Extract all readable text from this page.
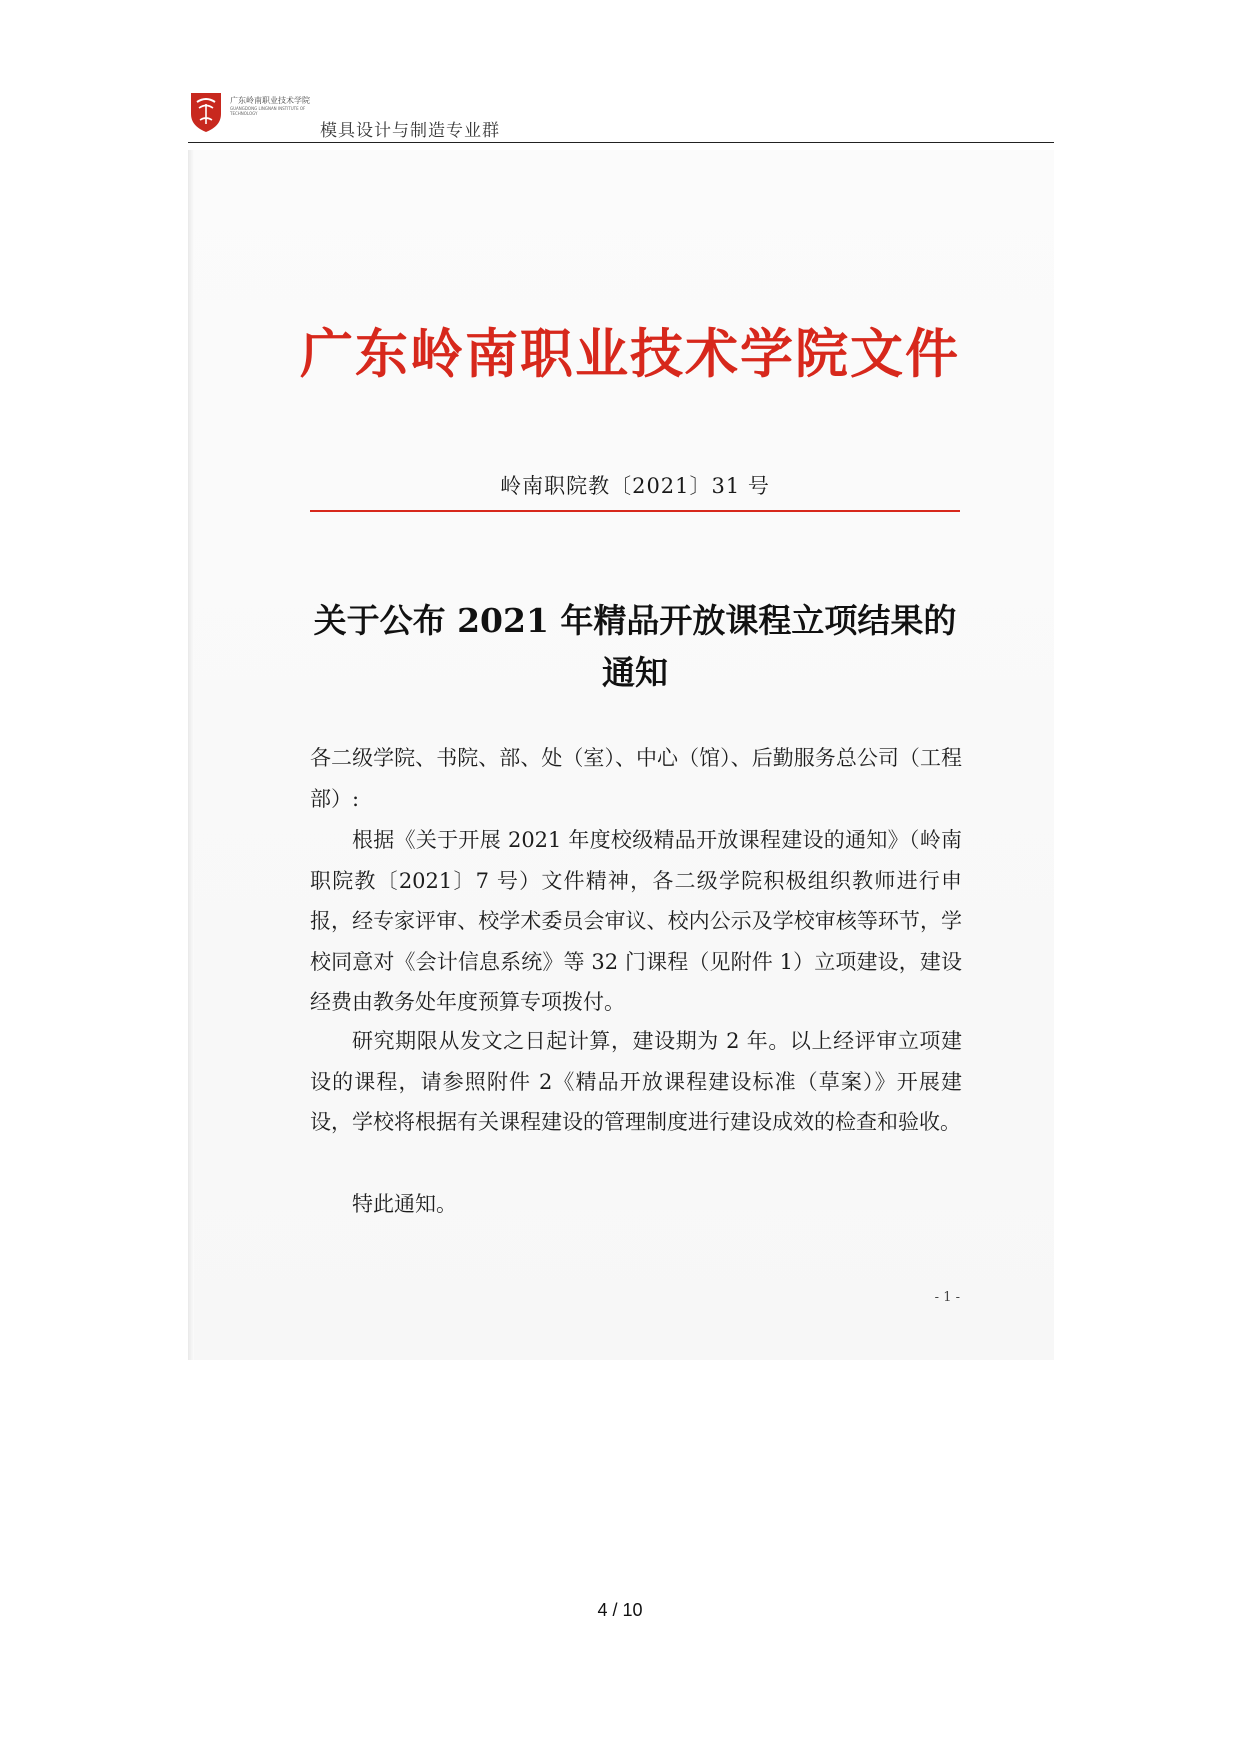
广东岭南职业技术学院
GUANGDONG LINGNAN INSTITUTE OF TECHNOLOGY
模具设计与制造专业群
广东岭南职业技术学院文件
岭南职院教〔2021〕31 号
关于公布 2021 年精品开放课程立项结果的
通知
各二级学院、书院、部、处（室）、中心（馆）、后勤服务总公司（工程部）:
根据《关于开展 2021 年度校级精品开放课程建设的通知》（岭南职院教〔2021〕7 号）文件精神，各二级学院积极组织教师进行申报，经专家评审、校学术委员会审议、校内公示及学校审核等环节，学校同意对《会计信息系统》等 32 门课程（见附件 1）立项建设，建设经费由教务处年度预算专项拨付。
研究期限从发文之日起计算，建设期为 2 年。以上经评审立项建设的课程，请参照附件 2《精品开放课程建设标准（草案）》开展建设，学校将根据有关课程建设的管理制度进行建设成效的检查和验收。
特此通知。
- 1 -
4 / 10
